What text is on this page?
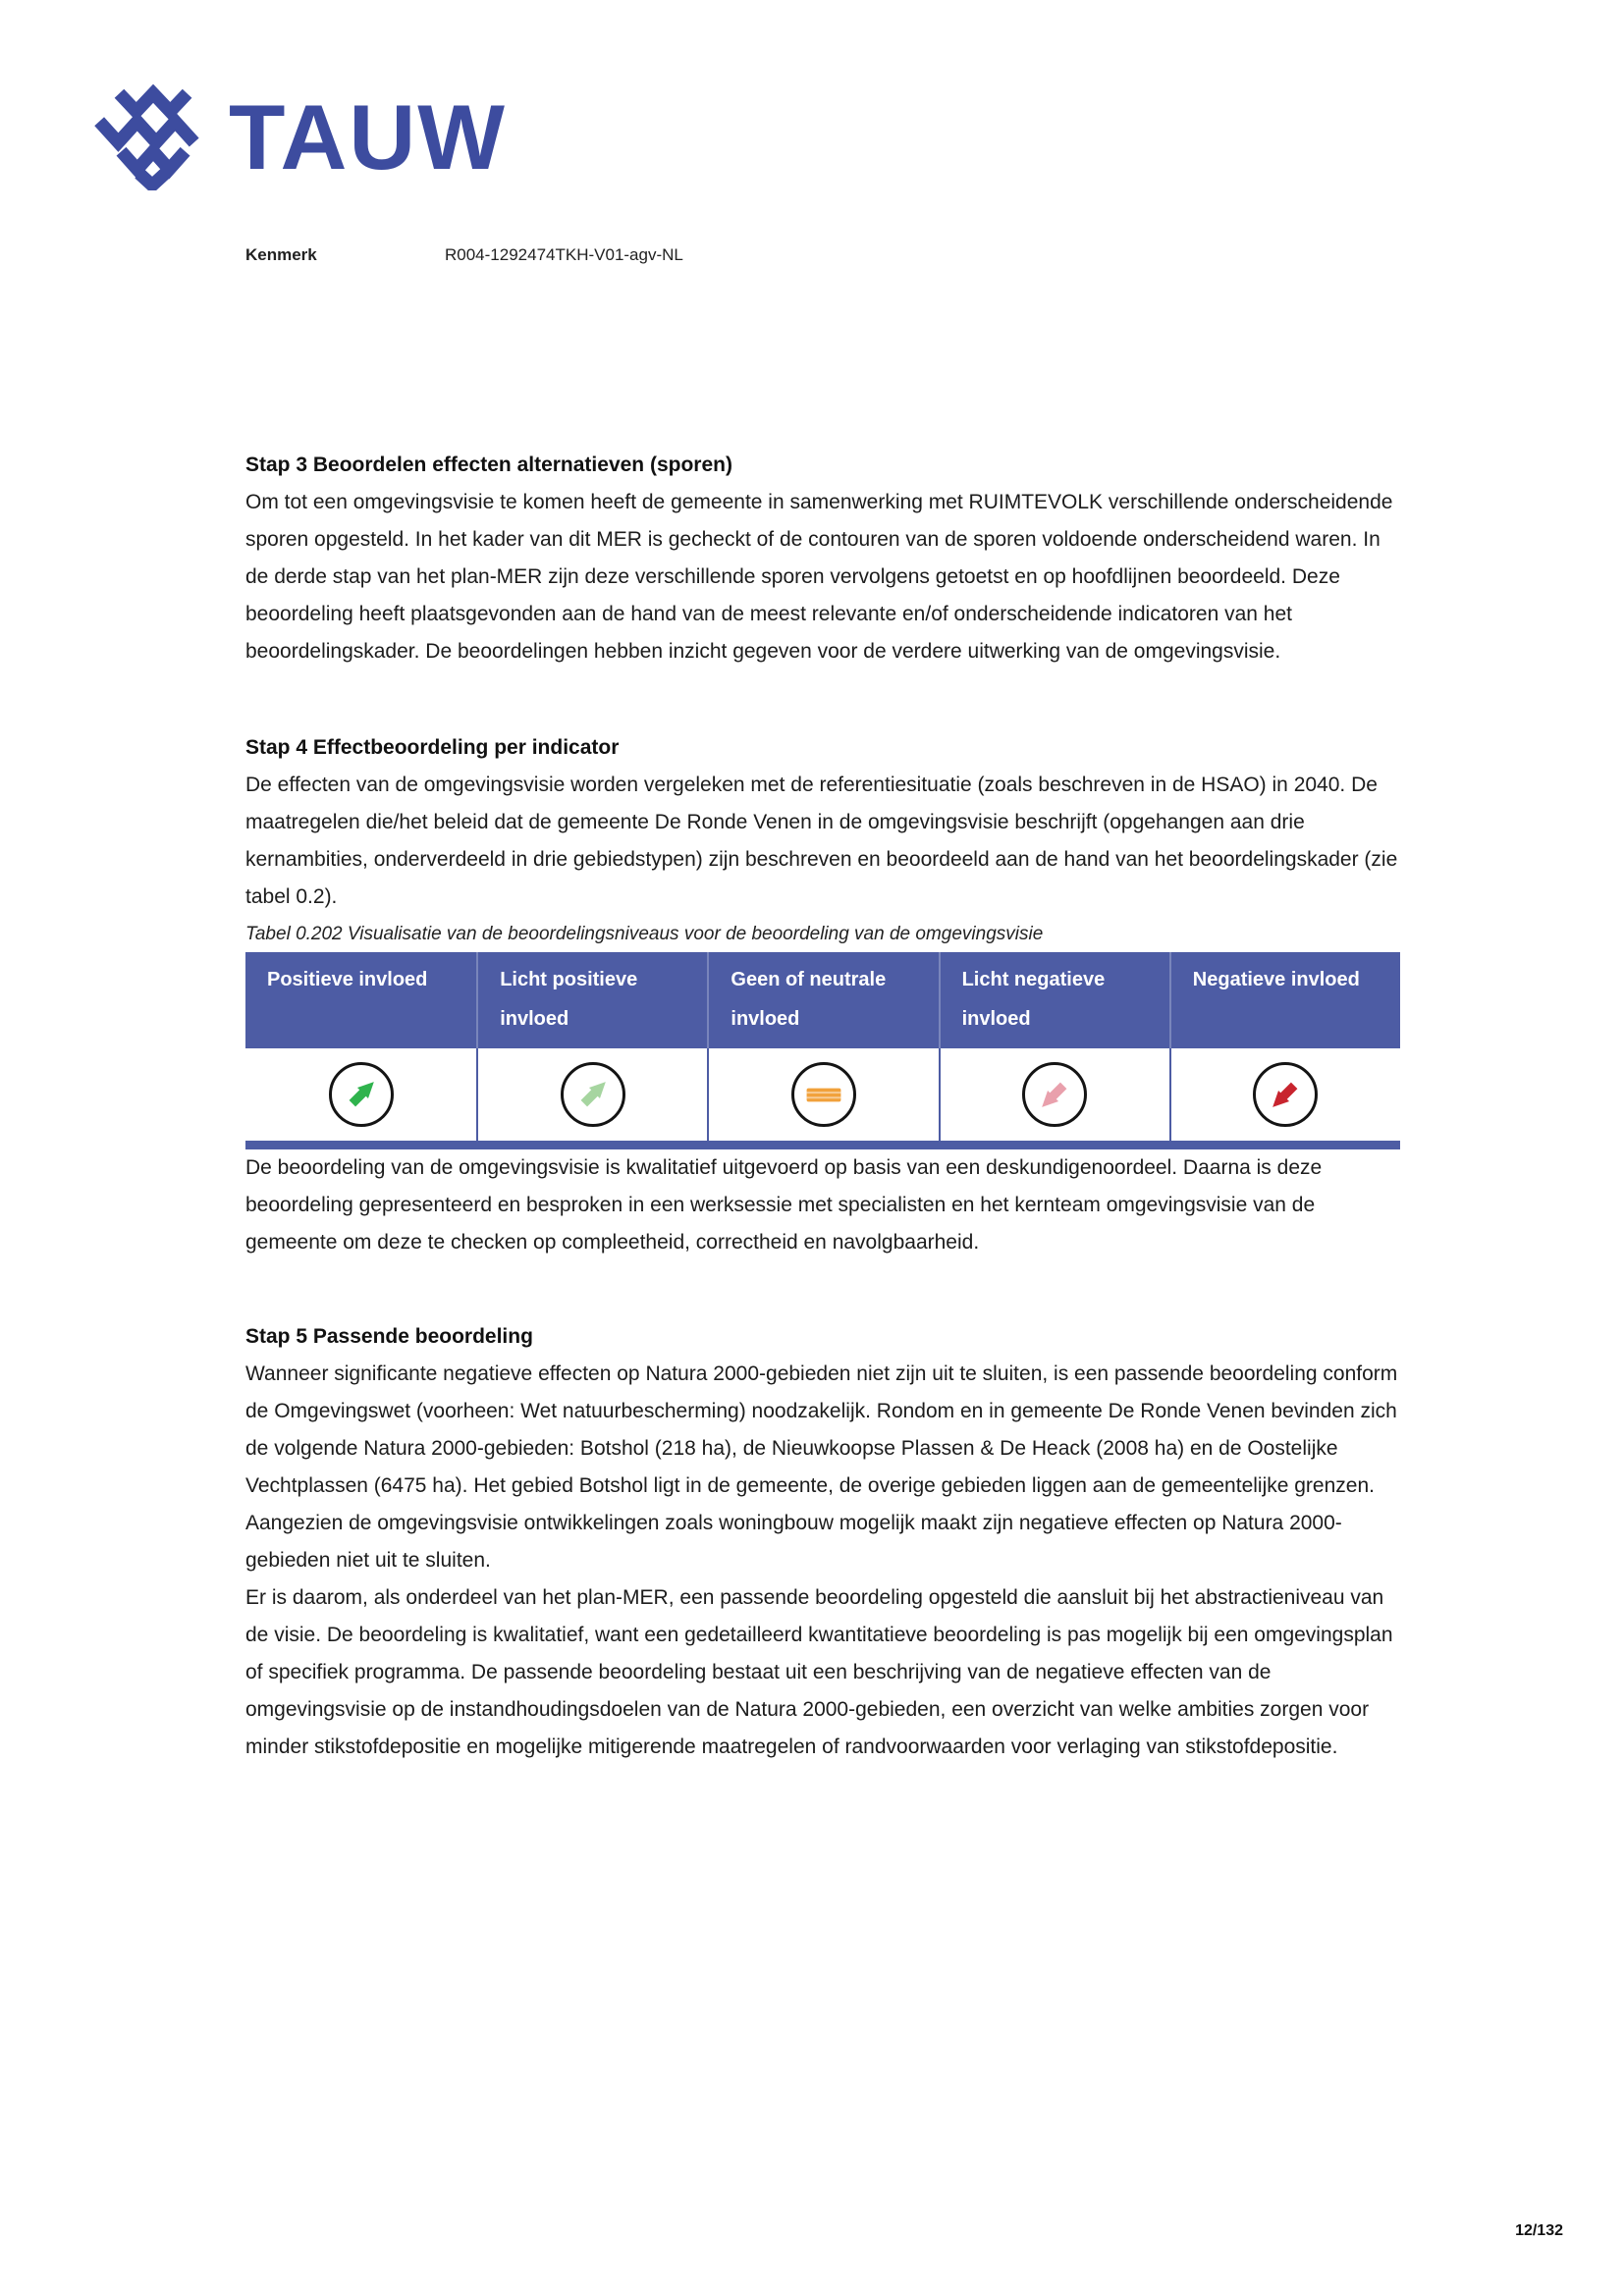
TAUW
Kenmerk	R004-1292474TKH-V01-agv-NL
Stap 3 Beoordelen effecten alternatieven (sporen)

Om tot een omgevingsvisie te komen heeft de gemeente in samenwerking met RUIMTEVOLK verschillende onderscheidende sporen opgesteld. In het kader van dit MER is gecheckt of de contouren van de sporen voldoende onderscheidend waren. In de derde stap van het plan-MER zijn deze verschillende sporen vervolgens getoetst en op hoofdlijnen beoordeeld. Deze beoordeling heeft plaatsgevonden aan de hand van de meest relevante en/of onderscheidende indicatoren van het beoordelingskader. De beoordelingen hebben inzicht gegeven voor de verdere uitwerking van de omgevingsvisie.

Stap 4 Effectbeoordeling per indicator

De effecten van de omgevingsvisie worden vergeleken met de referentiesituatie (zoals beschreven in de HSAO) in 2040. De maatregelen die/het beleid dat de gemeente De Ronde Venen in de omgevingsvisie beschrijft (opgehangen aan drie kernambities, onderverdeeld in drie gebiedstypen) zijn beschreven en beoordeeld aan de hand van het beoordelingskader (zie tabel 0.2).

Tabel 0.202 Visualisatie van de beoordelingsniveaus voor de beoordeling van de omgevingsvisie

Positieve invloed	Licht positieve
invloed
Geen of neutrale
invloed
Licht negatieve
invloed
Negatieve invloed

De beoordeling van de omgevingsvisie is kwalitatief uitgevoerd op basis van een deskundigenoordeel. Daarna is deze beoordeling gepresenteerd en besproken in een werksessie met specialisten en het kernteam omgevingsvisie van de gemeente om deze te checken op compleetheid, correctheid en navolgbaarheid.

Stap 5 Passende beoordeling

Wanneer significante negatieve effecten op Natura 2000-gebieden niet zijn uit te sluiten, is een passende beoordeling conform de Omgevingswet (voorheen: Wet natuurbescherming) noodzakelijk. Rondom en in gemeente De Ronde Venen bevinden zich de volgende Natura 2000-gebieden: Botshol (218 ha), de Nieuwkoopse Plassen & De Heack (2008 ha) en de Oostelijke Vechtplassen (6475 ha). Het gebied Botshol ligt in de gemeente, de overige gebieden liggen aan de gemeentelijke grenzen. Aangezien de omgevingsvisie ontwikkelingen zoals woningbouw mogelijk maakt zijn negatieve effecten op Natura 2000-gebieden niet uit te sluiten.

Er is daarom, als onderdeel van het plan-MER, een passende beoordeling opgesteld die aansluit bij het abstractieniveau van de visie. De beoordeling is kwalitatief, want een gedetailleerd kwantitatieve beoordeling is pas mogelijk bij een omgevingsplan of specifiek programma. De passende beoordeling bestaat uit een beschrijving van de negatieve effecten van de omgevingsvisie op de instandhoudingsdoelen van de Natura 2000-gebieden, een overzicht van welke ambities zorgen voor minder stikstofdepositie en mogelijke mitigerende maatregelen of randvoorwaarden voor verlaging van stikstofdepositie.

12/132
